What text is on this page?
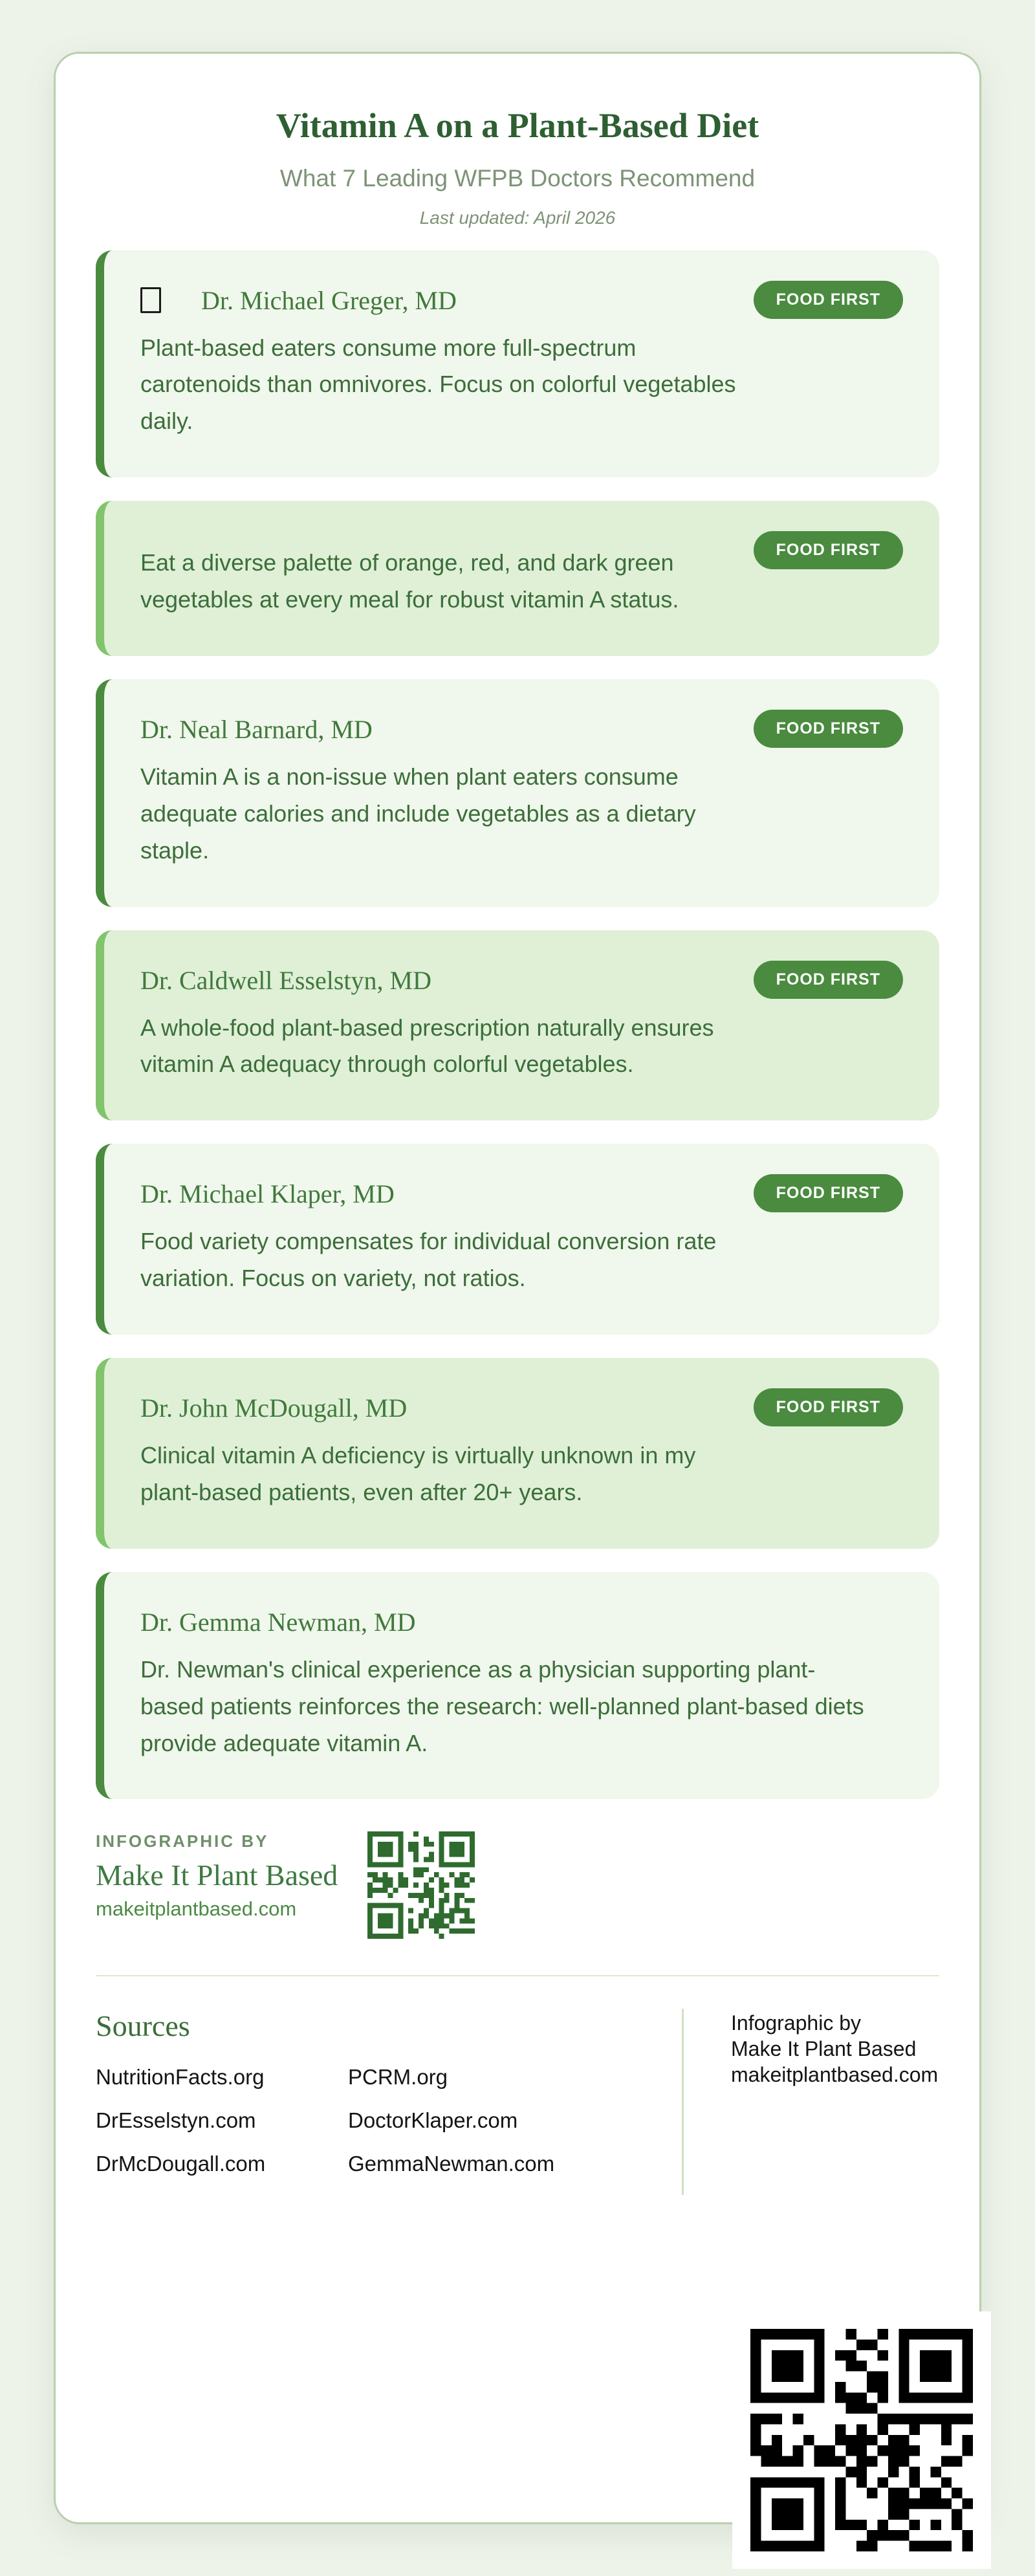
Vitamin A on a Plant-Based Diet

What 7 Leading WFPB Doctors Recommend

Last updated: April 2026

Dr. Michael Greger, MD

Plant-based eaters consume more full-spectrum carotenoids than omnivores. Focus on colorful vegetables daily.

FOOD FIRST

Eat a diverse palette of orange, red, and dark green vegetables at every meal for robust vitamin A status.

FOOD FIRST
Dr. Neal Barnard, MD

Vitamin A is a non-issue when plant eaters consume adequate calories and include vegetables as a dietary staple.

FOOD FIRST
Dr. Caldwell Esselstyn, MD

A whole-food plant-based prescription naturally ensures vitamin A adequacy through colorful vegetables.

FOOD FIRST
Dr. Michael Klaper, MD

Food variety compensates for individual conversion rate variation. Focus on variety, not ratios.

FOOD FIRST
Dr. John McDougall, MD

Clinical vitamin A deficiency is virtually unknown in my plant-based patients, even after 20+ years.

FOOD FIRST
Dr. Gemma Newman, MD

Dr. Newman's clinical experience as a physician supporting plant-based patients reinforces the research: well-planned plant-based diets provide adequate vitamin A.

INFOGRAPHIC BY

Make It Plant Based

makeitplantbased.com

Sources
NutritionFacts.org
DrEsselstyn.com
DrMcDougall.com
PCRM.org
DoctorKlaper.com
GemmaNewman.com
Infographic by
Make It Plant Based
makeitplantbased.com
